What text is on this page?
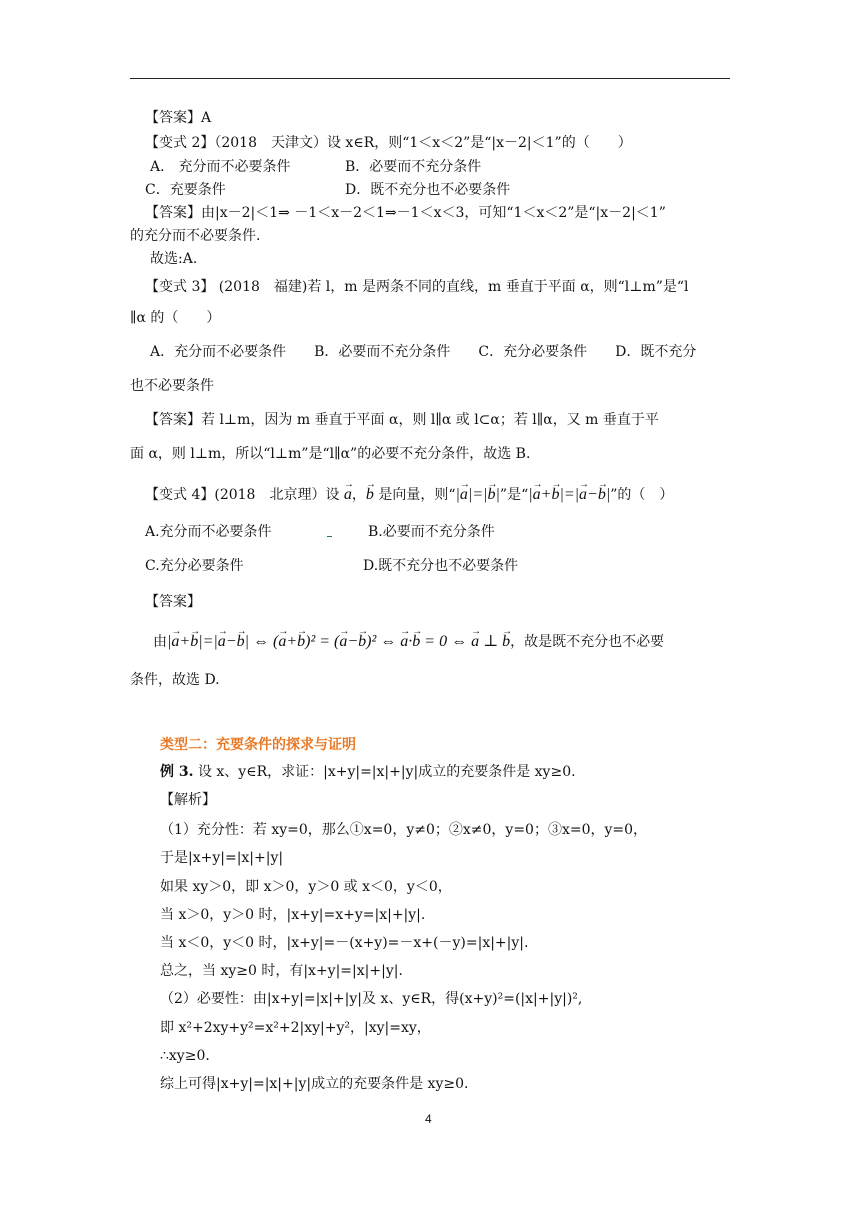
【答案】A
【变式 2】（2018　天津文）设 x∈R，则“1＜x＜2”是“|x－2|＜1”的（　　）
A． 充分而不必要条件	B．必要而不充分条件
C．充要条件	D．既不充分也不必要条件
【答案】由|x－2|＜1⇒ －1＜x－2＜1⇒－1＜x＜3，可知“1＜x＜2”是“|x－2|＜1”
的充分而不必要条件.
故选:A.
【变式 3】 (2018　福建)若 l，m 是两条不同的直线，m 垂直于平面 α，则“l⊥m”是“l
∥α 的（　　）
A．充分而不必要条件　　B．必要而不充分条件　　C．充分必要条件　　D．既不充分
也不必要条件
【答案】若 l⊥m，因为 m 垂直于平面 α，则 l∥α 或 l⊂α；若 l∥α，又 m 垂直于平
面 α，则 l⊥m，所以“l⊥m”是“l∥α”的必要不充分条件，故选 B.
【变式 4】(2018　北京理）设 → a，→ b 是向量，则“|→ a|=|→ b|”是“|→ a+→ b|=|→ a−→ b|”的（　）
A.充分而不必要条件	B.必要而不充分条件
C.充分必要条件	D.既不充分也不必要条件
【答案】
由|→ a+→ b|=|→ a−→ b| ⇔ (→ a+→ b)² = (→ a−→ b)² ⇔ → a·→ b = 0 ⇔ → a ⊥ → b，故是既不充分也不必要
条件，故选 D.
类型二：充要条件的探求与证明
例 3. 设 x、y∈R，求证：|x+y|=|x|+|y|成立的充要条件是 xy≥0.
【解析】
（1）充分性：若 xy=0，那么①x=0，y≠0；②x≠0，y=0；③x=0，y=0，
于是|x+y|=|x|+|y|
如果 xy＞0，即 x＞0，y＞0 或 x＜0，y＜0，
当 x＞0，y＞0 时，|x+y|=x+y=|x|+|y|.
当 x＜0，y＜0 时，|x+y|=－(x+y)=－x+(－y)=|x|+|y|.
总之，当 xy≥0 时，有|x+y|=|x|+|y|.
（2）必要性：由|x+y|=|x|+|y|及 x、y∈R，得(x+y)²=(|x|+|y|)²,
即 x²+2xy+y²=x²+2|xy|+y²，|xy|=xy，
∴xy≥0.
综上可得|x+y|=|x|+|y|成立的充要条件是 xy≥0.
4
